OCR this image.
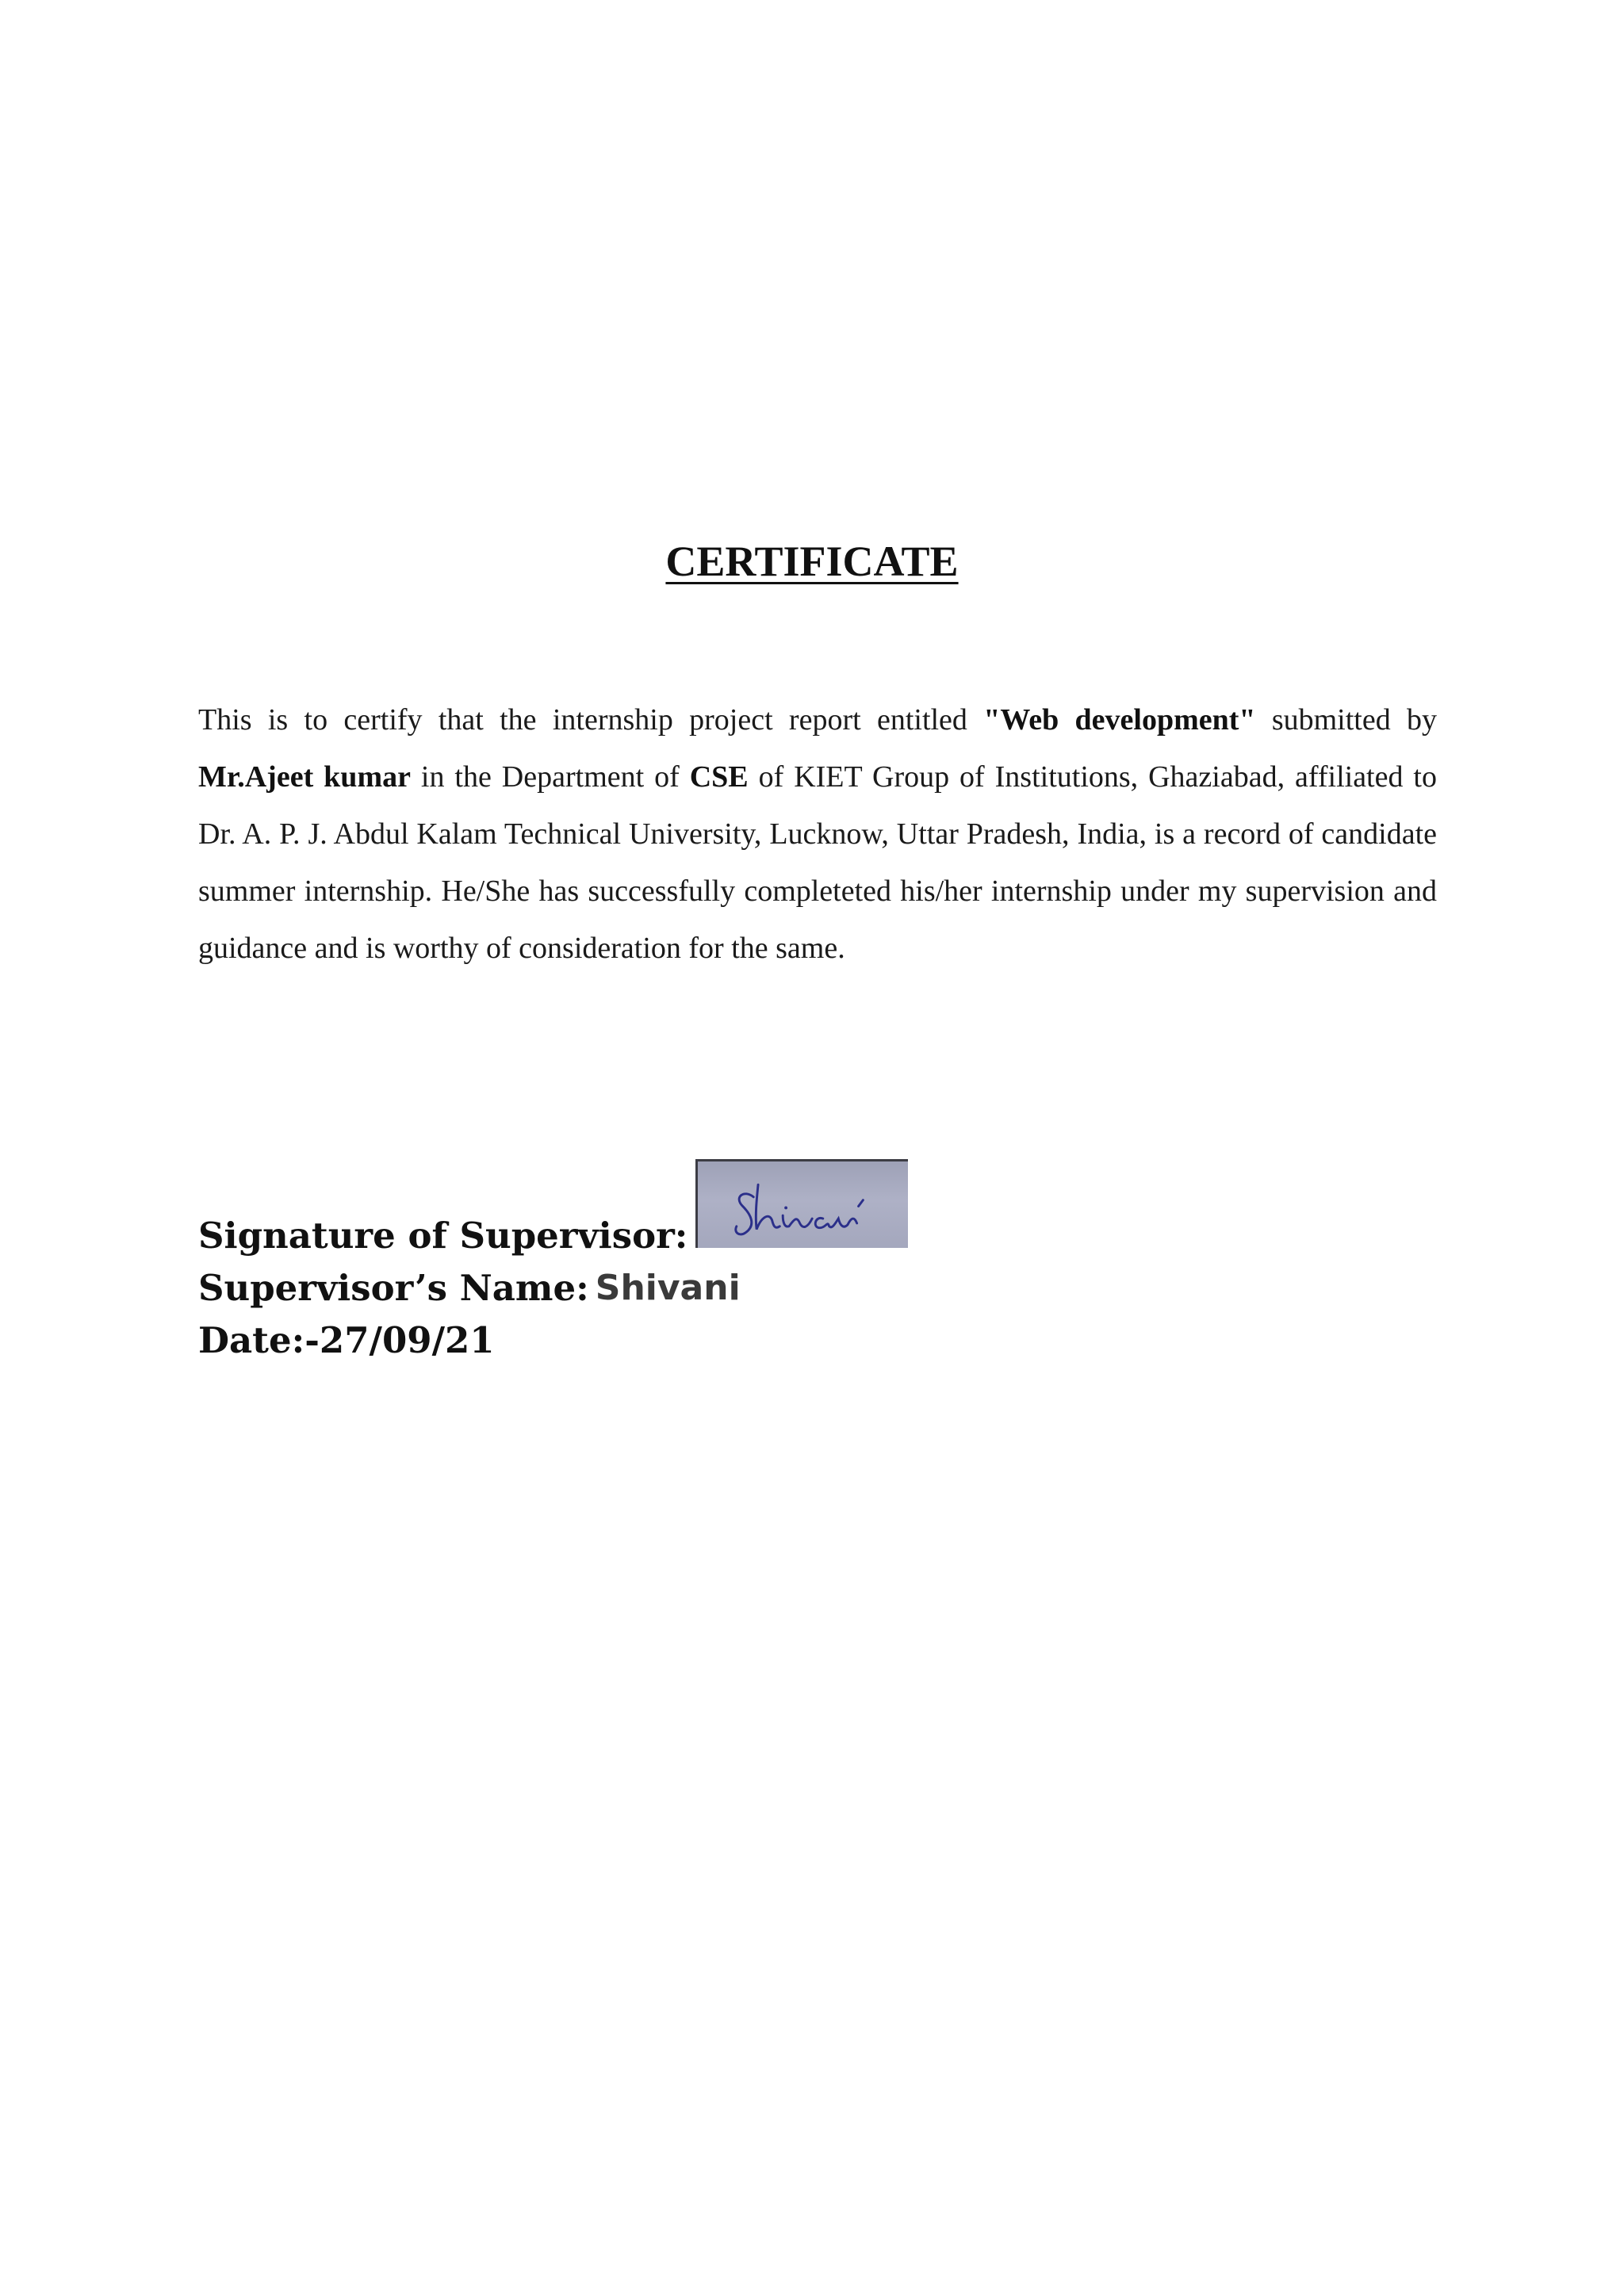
CERTIFICATE

This is to certify that the internship project report entitled "Web development" submitted by Mr.Ajeet kumar in the Department of CSE of KIET Group of Institutions, Ghaziabad, affiliated to Dr. A. P. J. Abdul Kalam Technical University, Lucknow, Uttar Pradesh, India, is a record of candidate summer internship. He/She has successfully completeted his/her internship under my supervision and guidance and is worthy of consideration for the same.

Signature of Supervisor:
Supervisor’s Name: Shivani
Date:-27/09/21
